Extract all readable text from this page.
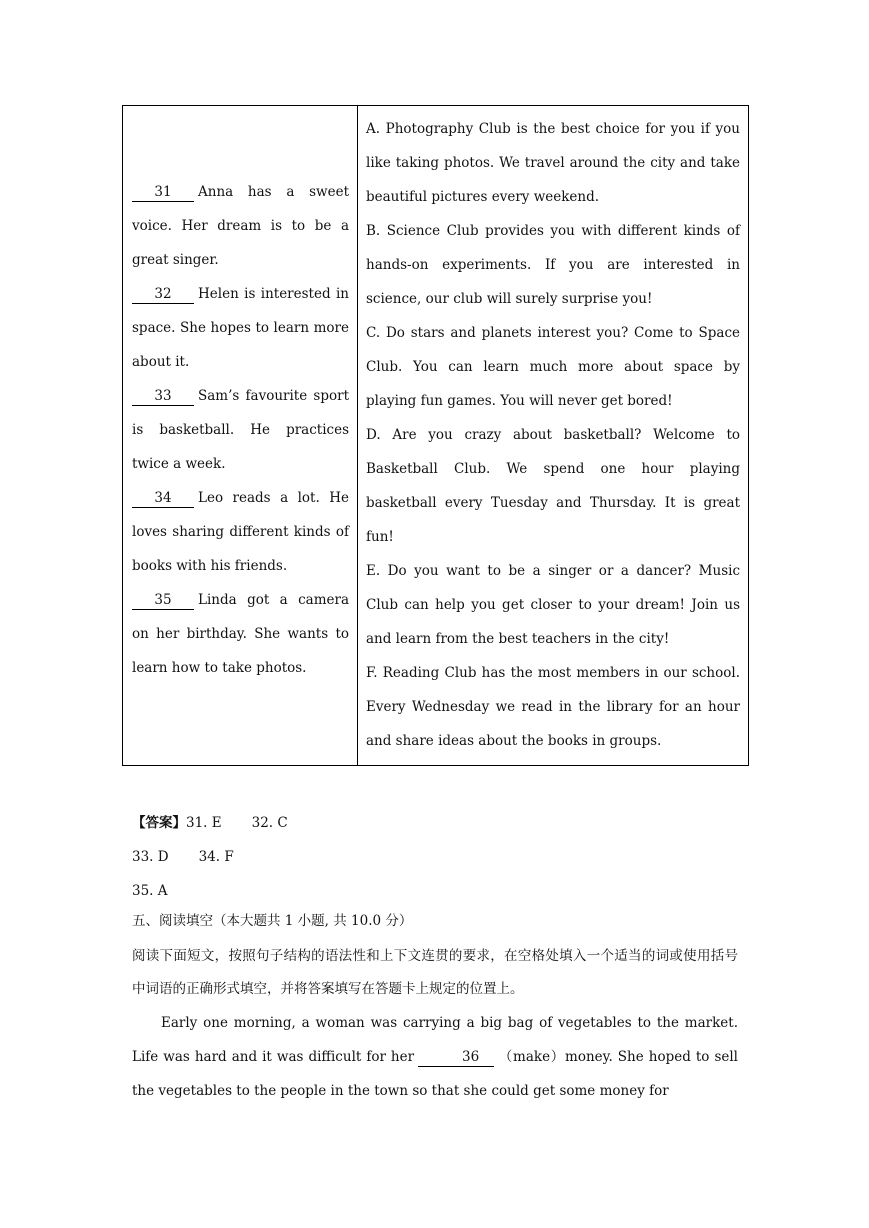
31 Anna has a sweet voice. Her dream is to be a great singer.
32 Helen is interested in space. She hopes to learn more about it.
33 Sam’s favourite sport is basketball. He practices twice a week.
34 Leo reads a lot. He loves sharing different kinds of books with his friends.
35 Linda got a camera on her birthday. She wants to learn how to take photos.

A. Photography Club is the best choice for you if you like taking photos. We travel around the city and take beautiful pictures every weekend.
B. Science Club provides you with different kinds of hands-on experiments. If you are interested in science, our club will surely surprise you!
C. Do stars and planets interest you? Come to Space Club. You can learn much more about space by playing fun games. You will never get bored!
D. Are you crazy about basketball? Welcome to Basketball Club. We spend one hour playing basketball every Tuesday and Thursday. It is great fun!
E. Do you want to be a singer or a dancer? Music Club can help you get closer to your dream! Join us and learn from the best teachers in the city!
F. Reading Club has the most members in our school. Every Wednesday we read in the library for an hour and share ideas about the books in groups.
【答案】31. E 32. C
33. D 34. F
35. A
五、阅读填空（本大题共 1 小题, 共 10.0 分）
阅读下面短文，按照句子结构的语法性和上下文连贯的要求，在空格处填入一个适当的词或使用括号中词语的正确形式填空，并将答案填写在答题卡上规定的位置上。
Early one morning, a woman was carrying a big bag of vegetables to the market. Life was hard and it was difficult for her	36 （make）money. She hoped to sell the vegetables to the people in the town so that she could get some money for
